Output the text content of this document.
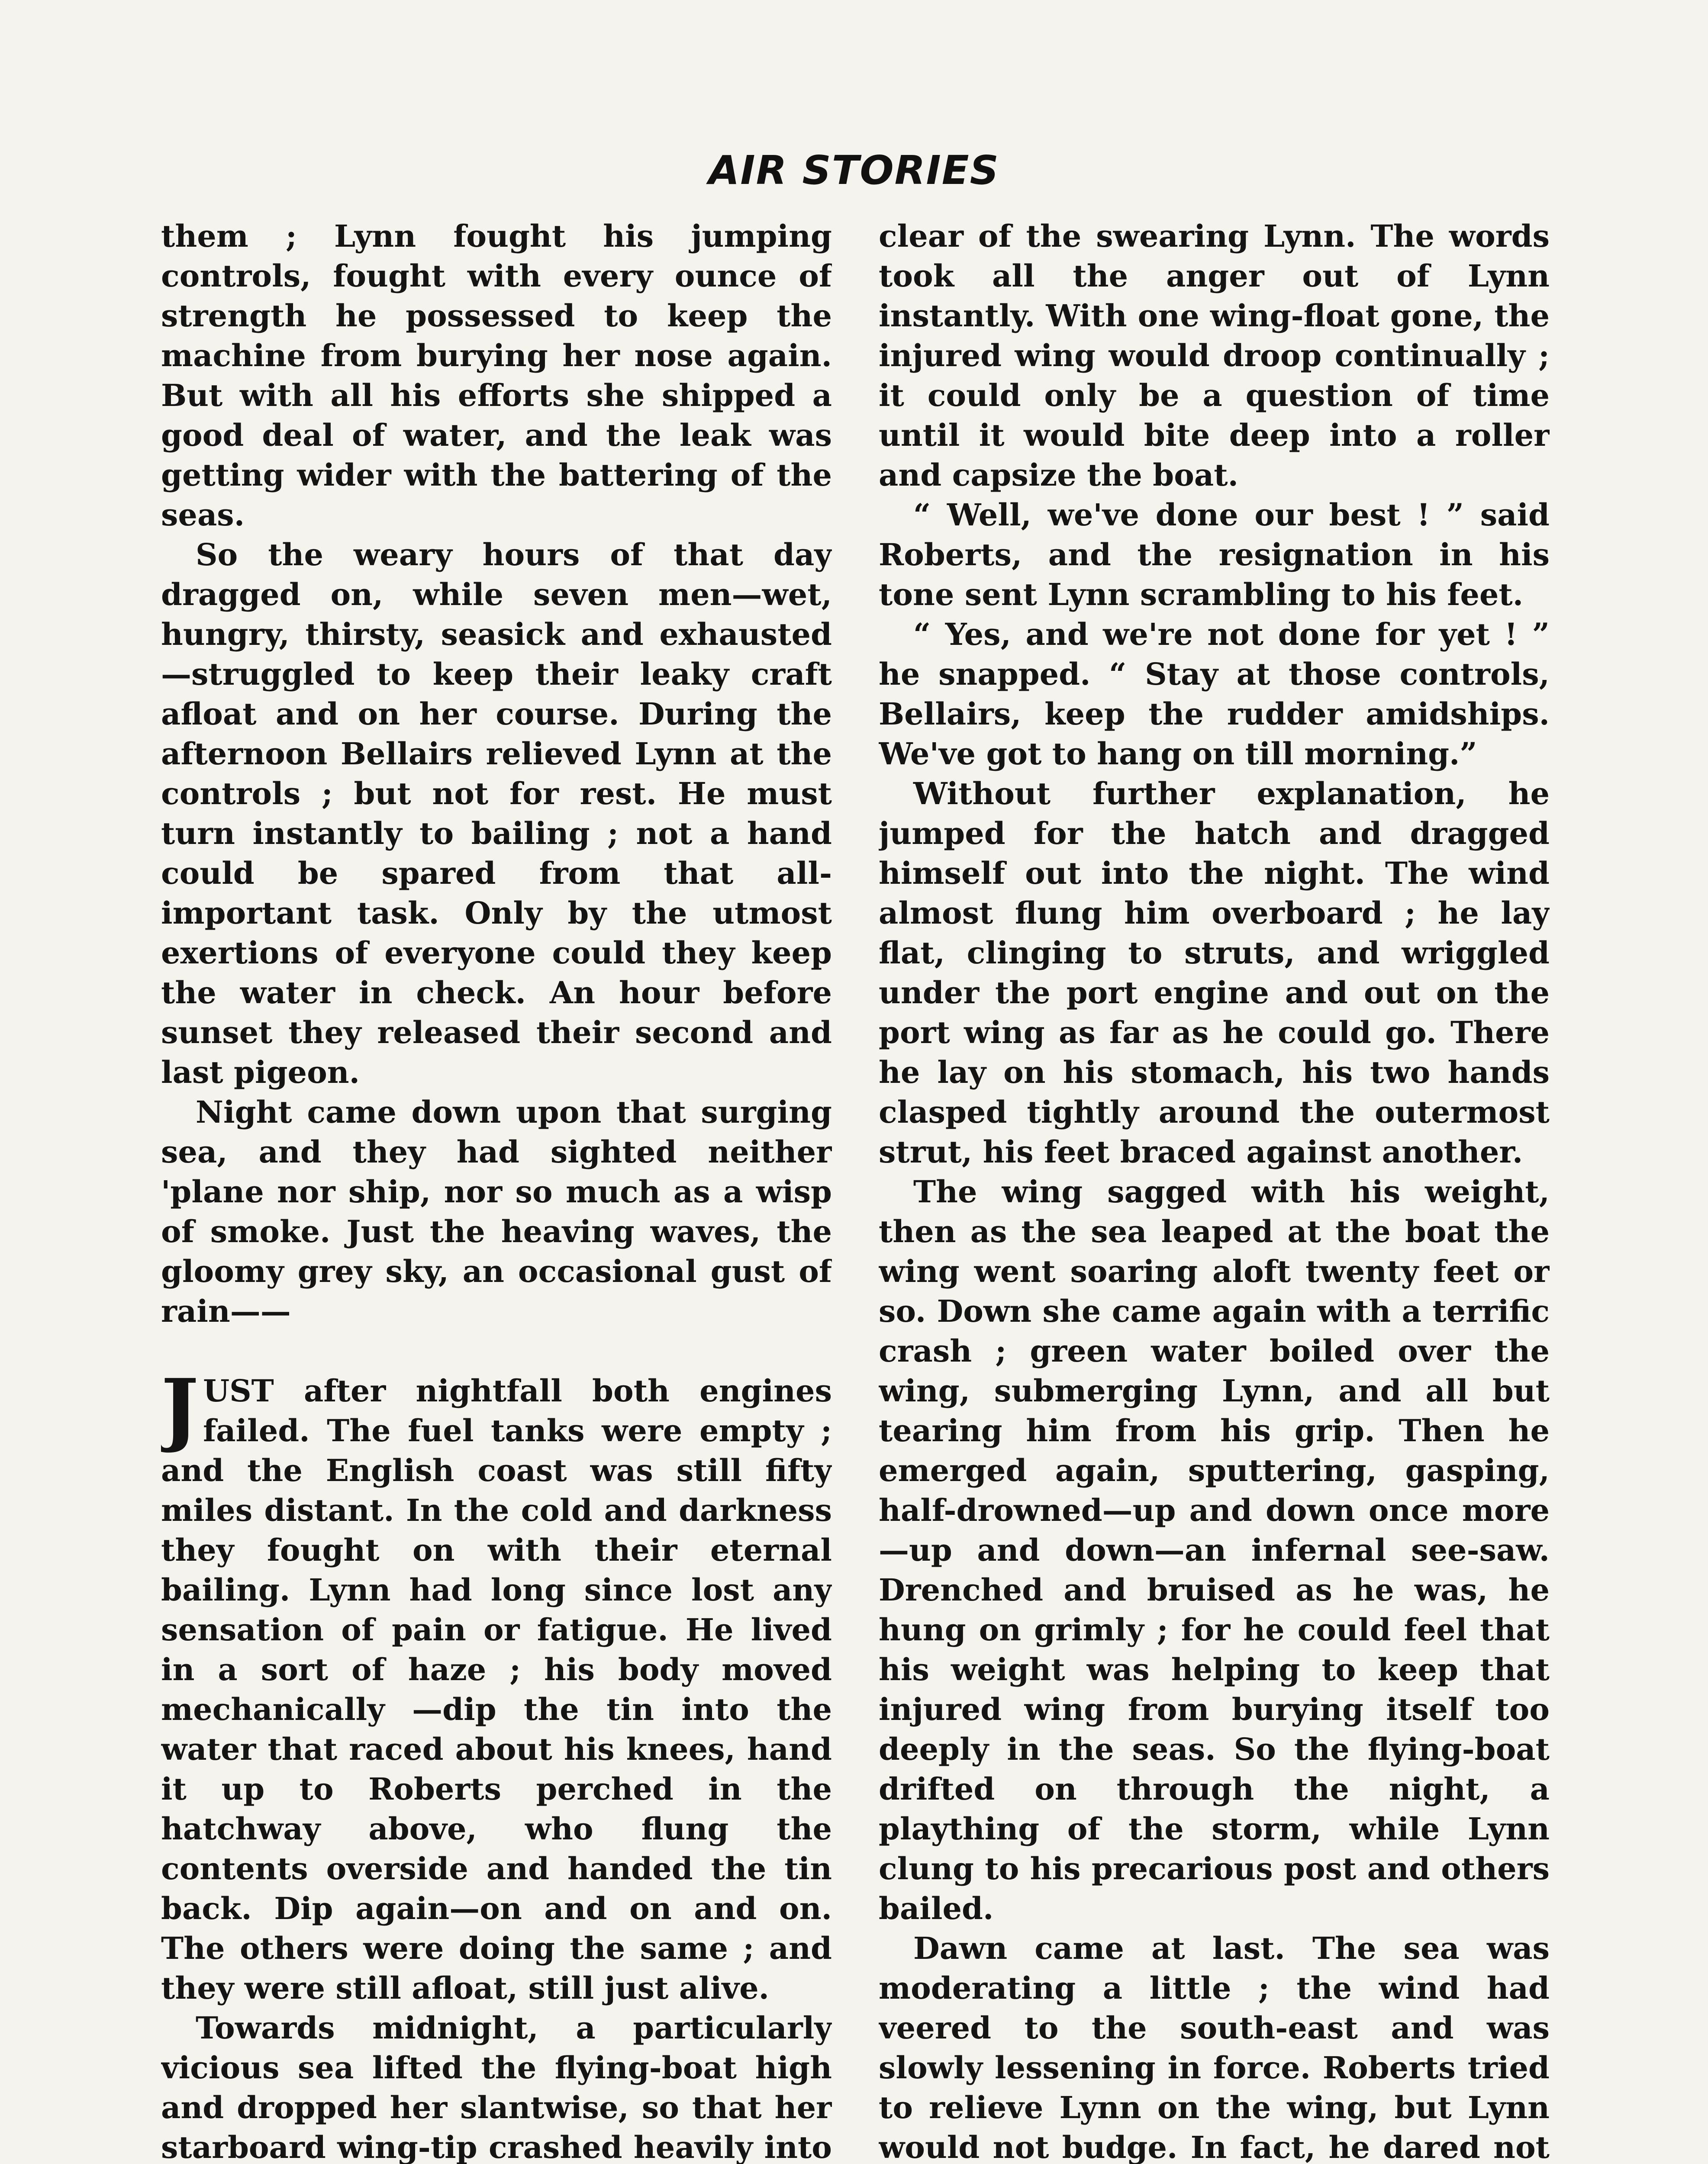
AIR STORIES

them ; Lynn fought his jumping controls, fought with every ounce of strength he possessed to keep the machine from burying her nose again. But with all his efforts she shipped a good deal of water, and the leak was getting wider with the battering of the seas.

So the weary hours of that day dragged on, while seven men—wet, hungry, thirsty, seasick and exhausted—struggled to keep their leaky craft afloat and on her course. During the afternoon Bellairs relieved Lynn at the controls ; but not for rest. He must turn instantly to bailing ; not a hand could be spared from that all-important task. Only by the utmost exertions of everyone could they keep the water in check. An hour before sunset they released their second and last pigeon.

Night came down upon that surging sea, and they had sighted neither 'plane nor ship, nor so much as a wisp of smoke. Just the heaving waves, the gloomy grey sky, an occasional gust of rain——

JUST after nightfall both engines failed. The fuel tanks were empty ; and the English coast was still fifty miles distant. In the cold and darkness they fought on with their eternal bailing. Lynn had long since lost any sensation of pain or fatigue. He lived in a sort of haze ; his body moved mechanically —dip the tin into the water that raced about his knees, hand it up to Roberts perched in the hatchway above, who flung the contents overside and handed the tin back. Dip again—on and on and on. The others were doing the same ; and they were still afloat, still just alive.

Towards midnight, a particularly vicious sea lifted the flying-boat high and dropped her slantwise, so that her starboard wing-tip crashed heavily into

clear of the swearing Lynn. The words took all the anger out of Lynn instantly. With one wing-float gone, the injured wing would droop continually ; it could only be a question of time until it would bite deep into a roller and capsize the boat.

“ Well, we've done our best ! ” said Roberts, and the resignation in his tone sent Lynn scrambling to his feet.

“ Yes, and we're not done for yet ! ” he snapped. “ Stay at those controls, Bellairs, keep the rudder amidships. We've got to hang on till morning.”

Without further explanation, he jumped for the hatch and dragged himself out into the night. The wind almost flung him overboard ; he lay flat, clinging to struts, and wriggled under the port engine and out on the port wing as far as he could go. There he lay on his stomach, his two hands clasped tightly around the outermost strut, his feet braced against another.

The wing sagged with his weight, then as the sea leaped at the boat the wing went soaring aloft twenty feet or so. Down she came again with a terrific crash ; green water boiled over the wing, submerging Lynn, and all but tearing him from his grip. Then he emerged again, sputtering, gasping, half-drowned—up and down once more —up and down—an infernal see-saw. Drenched and bruised as he was, he hung on grimly ; for he could feel that his weight was helping to keep that injured wing from burying itself too deeply in the seas. So the flying-boat drifted on through the night, a plaything of the storm, while Lynn clung to his precarious post and others bailed.

Dawn came at last. The sea was moderating a little ; the wind had veered to the south-east and was slowly lessening in force. Roberts tried to relieve Lynn on the wing, but Lynn would not budge. In fact, he dared not
